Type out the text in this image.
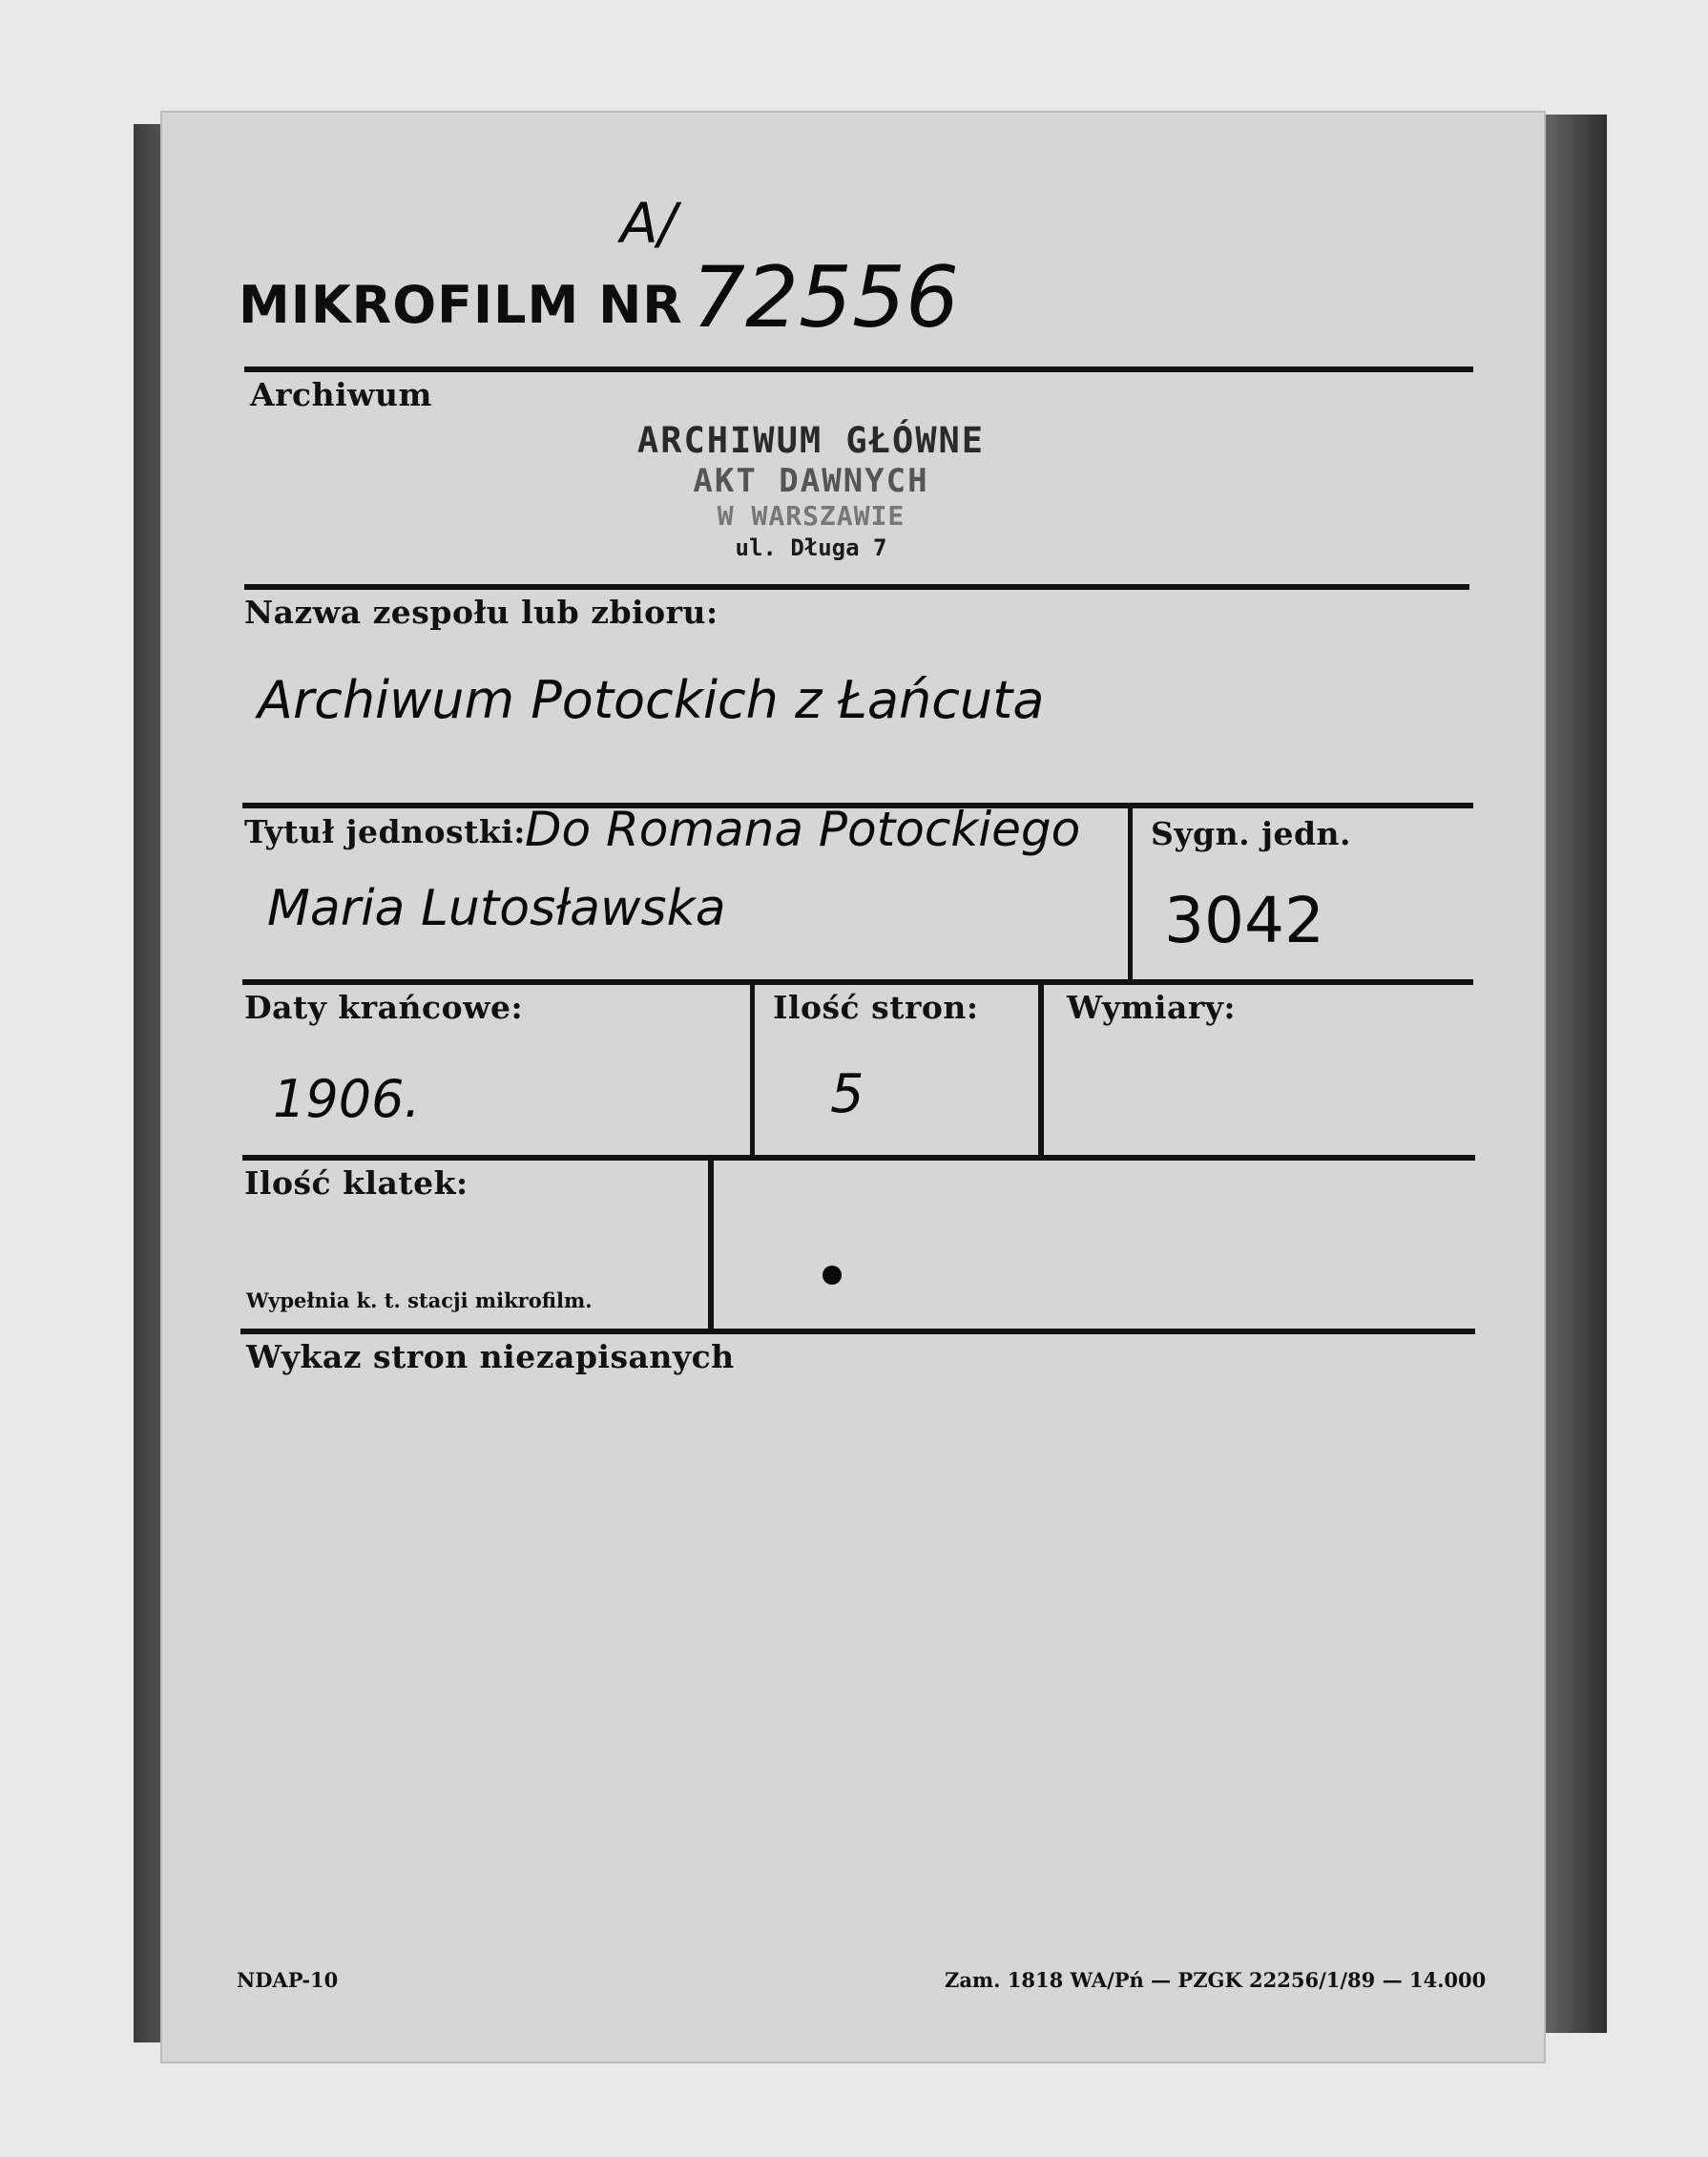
MIKROFILM NR
A/
72556
Archiwum
ARCHIWUM GŁÓWNE
AKT DAWNYCH
W WARSZAWIE
ul. Długa 7
Nazwa zespołu lub zbioru:
Archiwum Potockich z Łańcuta
Tytuł jednostki: Do Romana Potockiego
Maria Lutosławska
Sygn. jedn.
3042
Daty krańcowe:
1906.
Ilość stron:
5
Wymiary:
Ilość klatek:
Wypełnia k. t. stacji mikrofilm.
Wykaz stron niezapisanych
NDAP-10	Zam. 1818 WA/Pń — PZGK 22256/1/89 — 14.000
